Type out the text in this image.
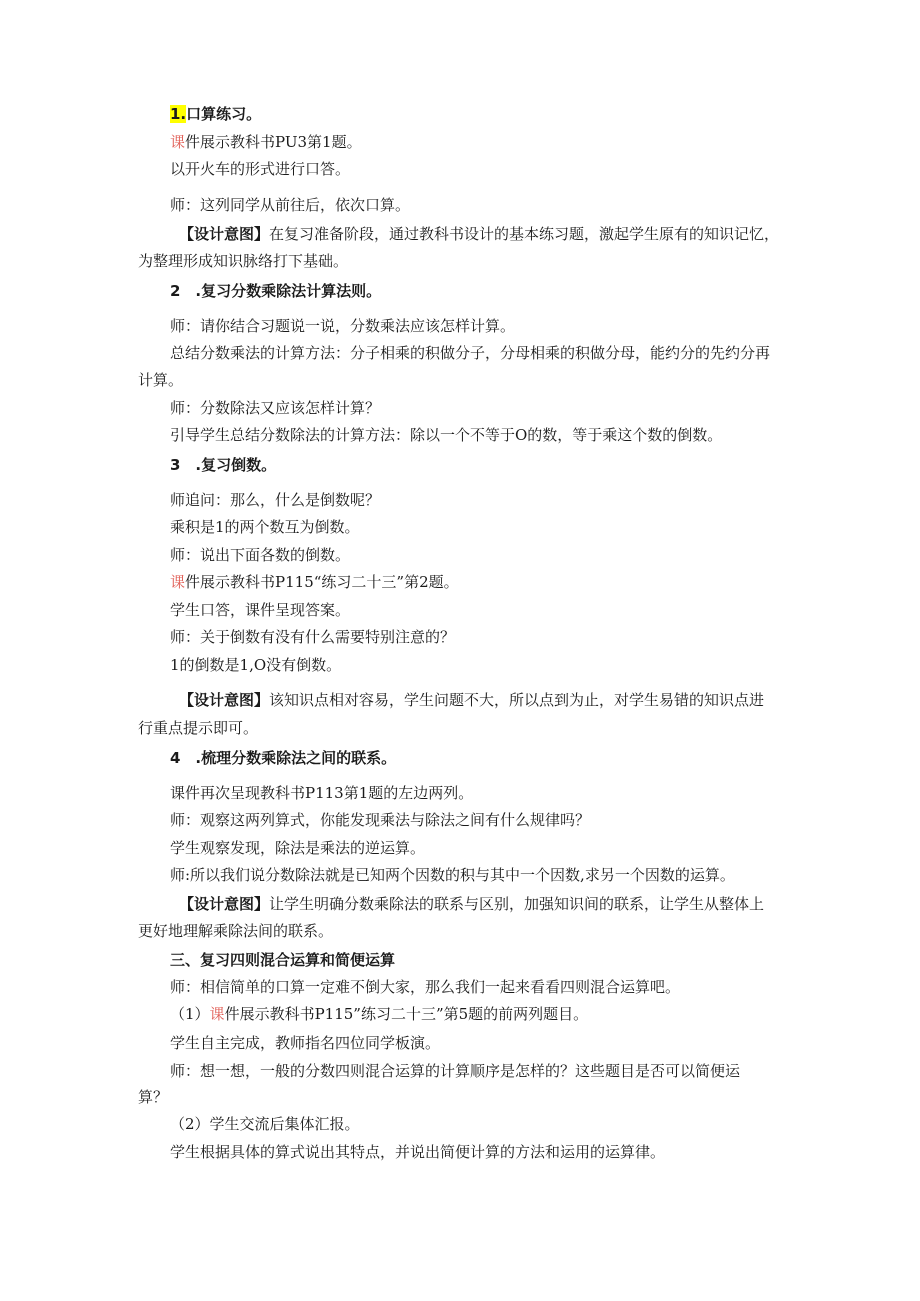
1.口算练习。
课件展示教科书PU3第1题。
以开火车的形式进行口答。
师：这列同学从前往后，依次口算。
【设计意图】在复习准备阶段，通过教科书设计的基本练习题，激起学生原有的知识记忆，
为整理形成知识脉络打下基础。
2　.复习分数乘除法计算法则。
师：请你结合习题说一说，分数乘法应该怎样计算。
总结分数乘法的计算方法：分子相乘的积做分子，分母相乘的积做分母，能约分的先约分再
计算。
师：分数除法又应该怎样计算？
引导学生总结分数除法的计算方法：除以一个不等于O的数，等于乘这个数的倒数。
3　.复习倒数。
师追问：那么，什么是倒数呢？
乘积是1的两个数互为倒数。
师：说出下面各数的倒数。
课件展示教科书P115“练习二十三”第2题。
学生口答，课件呈现答案。
师：关于倒数有没有什么需要特别注意的？
1的倒数是1,O没有倒数。
【设计意图】该知识点相对容易，学生问题不大，所以点到为止，对学生易错的知识点进
行重点提示即可。
4　.梳理分数乘除法之间的联系。
课件再次呈现教科书P113第1题的左边两列。
师：观察这两列算式，你能发现乘法与除法之间有什么规律吗？
学生观察发现，除法是乘法的逆运算。
师:所以我们说分数除法就是已知两个因数的积与其中一个因数,求另一个因数的运算。
【设计意图】让学生明确分数乘除法的联系与区别，加强知识间的联系，让学生从整体上
更好地理解乘除法间的联系。
三、复习四则混合运算和简便运算
师：相信简单的口算一定难不倒大家，那么我们一起来看看四则混合运算吧。
（1）课件展示教科书P115”练习二十三”第5题的前两列题目。
学生自主完成，教师指名四位同学板演。
师：想一想，一般的分数四则混合运算的计算顺序是怎样的？这些题目是否可以简便运
算？
（2）学生交流后集体汇报。
学生根据具体的算式说出其特点，并说出简便计算的方法和运用的运算律。
